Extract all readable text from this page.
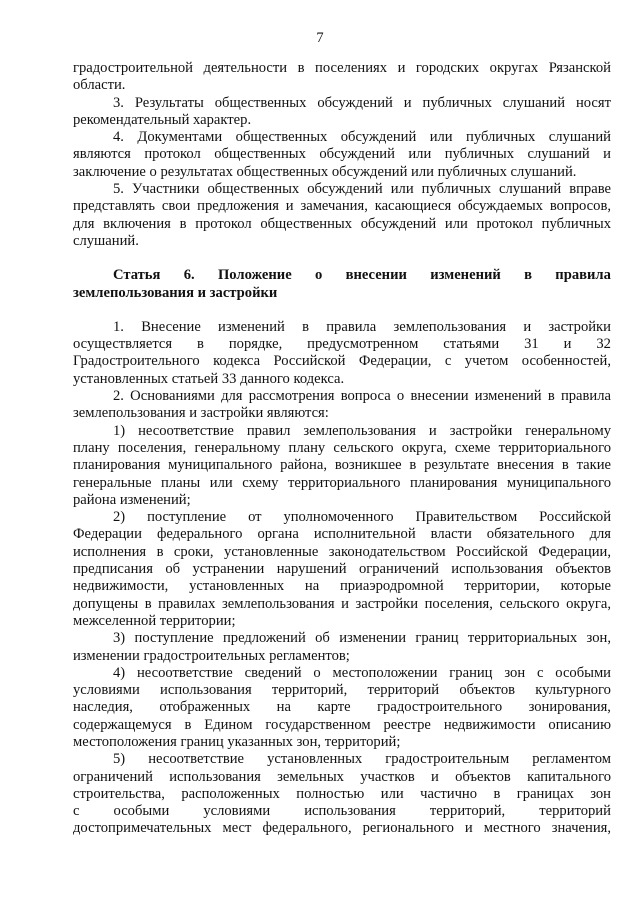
7
градостроительной деятельности в поселениях и городских округах Рязанской
области.
3. Результаты общественных обсуждений и публичных слушаний носят
рекомендательный характер.
4. Документами общественных обсуждений или публичных слушаний
являются протокол общественных обсуждений или публичных слушаний и
заключение о результатах общественных обсуждений или публичных слушаний.
5. Участники общественных обсуждений или публичных слушаний вправе
представлять свои предложения и замечания, касающиеся обсуждаемых вопросов,
для включения в протокол общественных обсуждений или протокол публичных
слушаний.
Статья 6. Положение о внесении изменений в правила
землепользования и застройки
1. Внесение изменений в правила землепользования и застройки
осуществляется в порядке, предусмотренном статьями 31 и 32
Градостроительного кодекса Российской Федерации, с учетом особенностей,
установленных статьей 33 данного кодекса.
2. Основаниями для рассмотрения вопроса о внесении изменений в правила
землепользования и застройки являются:
1) несоответствие правил землепользования и застройки генеральному
плану поселения, генеральному плану сельского округа, схеме территориального
планирования муниципального района, возникшее в результате внесения в такие
генеральные планы или схему территориального планирования муниципального
района изменений;
2) поступление от уполномоченного Правительством Российской
Федерации федерального органа исполнительной власти обязательного для
исполнения в сроки, установленные законодательством Российской Федерации,
предписания об устранении нарушений ограничений использования объектов
недвижимости, установленных на приаэродромной территории, которые
допущены в правилах землепользования и застройки поселения, сельского округа,
межселенной территории;
3) поступление предложений об изменении границ территориальных зон,
изменении градостроительных регламентов;
4) несоответствие сведений о местоположении границ зон с особыми
условиями использования территорий, территорий объектов культурного
наследия, отображенных на карте градостроительного зонирования,
содержащемуся в Едином государственном реестре недвижимости описанию
местоположения границ указанных зон, территорий;
5) несоответствие установленных градостроительным регламентом
ограничений использования земельных участков и объектов капитального
строительства, расположенных полностью или частично в границах зон
с особыми условиями использования территорий, территорий
достопримечательных мест федерального, регионального и местного значения,
